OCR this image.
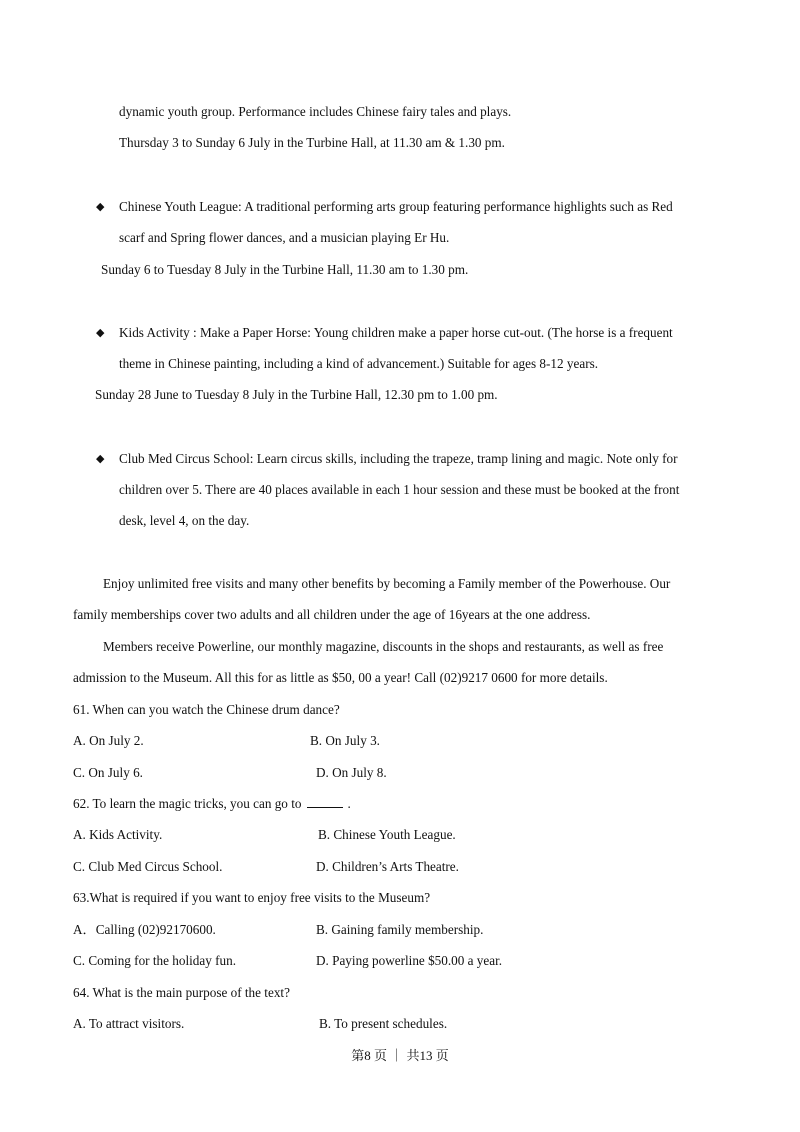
dynamic youth group. Performance includes Chinese fairy tales and plays.
Thursday 3 to Sunday 6 July in the Turbine Hall, at 11.30 am & 1.30 pm.
◆ Chinese Youth League: A traditional performing arts group featuring performance highlights such as Red
scarf and Spring flower dances, and a musician playing Er Hu.
Sunday 6 to Tuesday 8 July in the Turbine Hall, 11.30 am to 1.30 pm.
◆ Kids Activity : Make a Paper Horse: Young children make a paper horse cut-out. (The horse is a frequent
theme in Chinese painting, including a kind of advancement.) Suitable for ages 8-12 years.
Sunday 28 June to Tuesday 8 July in the Turbine Hall, 12.30 pm to 1.00 pm.
◆ Club Med Circus School: Learn circus skills, including the trapeze, tramp lining and magic. Note only for
children over 5. There are 40 places available in each 1 hour session and these must be booked at the front
desk, level 4, on the day.
Enjoy unlimited free visits and many other benefits by becoming a Family member of the Powerhouse. Our
family memberships cover two adults and all children under the age of 16years at the one address.
Members receive Powerline, our monthly magazine, discounts in the shops and restaurants, as well as free
admission to the Museum. All this for as little as $50, 00 a year! Call (02)9217 0600 for more details.
61. When can you watch the Chinese drum dance?
A. On July 2.	B. On July 3.
C. On July 6.	D. On July 8.
62. To learn the magic tricks, you can go to	.
A. Kids Activity.	B. Chinese Youth League.
C. Club Med Circus School.	D. Children’s Arts Theatre.
63.What is required if you want to enjoy free visits to the Museum?
A．Calling (02)92170600.	B. Gaining family membership.
C. Coming for the holiday fun.	D. Paying powerline $50.00 a year.
64. What is the main purpose of the text?
A. To attract visitors.	B. To present schedules.
第8 页 ｜ 共13 页
